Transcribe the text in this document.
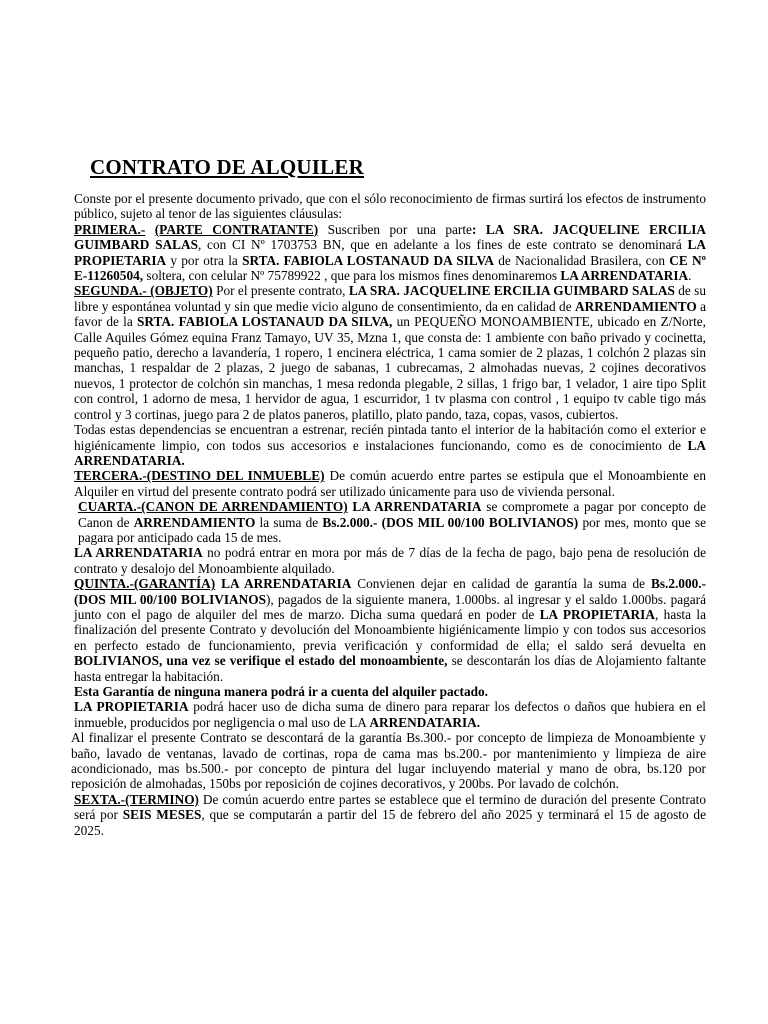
CONTRATO DE ALQUILER

Conste por el presente documento privado, que con el sólo reconocimiento de firmas surtirá los efectos de instrumento público, sujeto al tenor de las siguientes cláusulas:

PRIMERA.- (PARTE CONTRATANTE) Suscriben por una parte: LA SRA. JACQUELINE ERCILIA GUIMBARD SALAS, con CI Nº 1703753 BN, que en adelante a los fines de este contrato se denominará LA PROPIETARIA y por otra la SRTA. FABIOLA LOSTANAUD DA SILVA de Nacionalidad Brasilera, con CE Nº E-11260504, soltera, con celular Nº 75789922 , que para los mismos fines denominaremos LA ARRENDATARIA.

SEGUNDA.- (OBJETO) Por el presente contrato, LA SRA. JACQUELINE ERCILIA GUIMBARD SALAS de su libre y espontánea voluntad y sin que medie vicio alguno de consentimiento, da en calidad de ARRENDAMIENTO a favor de la SRTA. FABIOLA LOSTANAUD DA SILVA, un PEQUEÑO MONOAMBIENTE, ubicado en Z/Norte, Calle Aquiles Gómez equina Franz Tamayo, UV 35, Mzna 1, que consta de: 1 ambiente con baño privado y cocinetta, pequeño patio, derecho a lavandería, 1 ropero, 1 encinera eléctrica, 1 cama somier de 2 plazas, 1 colchón 2 plazas sin manchas, 1 respaldar de 2 plazas, 2 juego de sabanas, 1 cubrecamas, 2 almohadas nuevas, 2 cojines decorativos nuevos, 1 protector de colchón sin manchas, 1 mesa redonda plegable, 2 sillas, 1 frigo bar, 1 velador, 1 aire tipo Split con control, 1 adorno de mesa, 1 hervidor de agua, 1 escurridor, 1 tv plasma con control , 1 equipo tv cable tigo más control y 3 cortinas, juego para 2 de platos paneros, platillo, plato pando, taza, copas, vasos, cubiertos.

Todas estas dependencias se encuentran a estrenar, recién pintada tanto el interior de la habitación como el exterior e higiénicamente limpio, con todos sus accesorios e instalaciones funcionando, como es de conocimiento de LA ARRENDATARIA.

TERCERA.-(DESTINO DEL INMUEBLE) De común acuerdo entre partes se estipula que el Monoambiente en Alquiler en virtud del presente contrato podrá ser utilizado únicamente para uso de vivienda personal.

CUARTA.-(CANON DE ARRENDAMIENTO) LA ARRENDATARIA se compromete a pagar por concepto de Canon de ARRENDAMIENTO la suma de Bs.2.000.- (DOS MIL 00/100 BOLIVIANOS) por mes, monto que se pagara por anticipado cada 15 de mes.

LA ARRENDATARIA no podrá entrar en mora por más de 7 días de la fecha de pago, bajo pena de resolución de contrato y desalojo del Monoambiente alquilado.

QUINTA.-(GARANTÍA) LA ARRENDATARIA Convienen dejar en calidad de garantía la suma de Bs.2.000.- (DOS MIL 00/100 BOLIVIANOS), pagados de la siguiente manera, 1.000bs. al ingresar y el saldo 1.000bs. pagará junto con el pago de alquiler del mes de marzo. Dicha suma quedará en poder de LA PROPIETARIA, hasta la finalización del presente Contrato y devolución del Monoambiente higiénicamente limpio y con todos sus accesorios en perfecto estado de funcionamiento, previa verificación y conformidad de ella; el saldo será devuelta en BOLIVIANOS, una vez se verifique el estado del monoambiente, se descontarán los días de Alojamiento faltante hasta entregar la habitación.

Esta Garantía de ninguna manera podrá ir a cuenta del alquiler pactado.

LA PROPIETARIA podrá hacer uso de dicha suma de dinero para reparar los defectos o daños que hubiera en el inmueble, producidos por negligencia o mal uso de LA ARRENDATARIA.

Al finalizar el presente Contrato se descontará de la garantía Bs.300.- por concepto de limpieza de Monoambiente y baño, lavado de ventanas, lavado de cortinas, ropa de cama mas bs.200.- por mantenimiento y limpieza de aire acondicionado, mas bs.500.- por concepto de pintura del lugar incluyendo material y mano de obra, bs.120 por reposición de almohadas, 150bs por reposición de cojines decorativos, y 200bs. Por lavado de colchón.

SEXTA.-(TERMINO) De común acuerdo entre partes se establece que el termino de duración del presente Contrato será por SEIS MESES, que se computarán a partir del 15 de febrero del año 2025 y terminará el 15 de agosto de 2025.
